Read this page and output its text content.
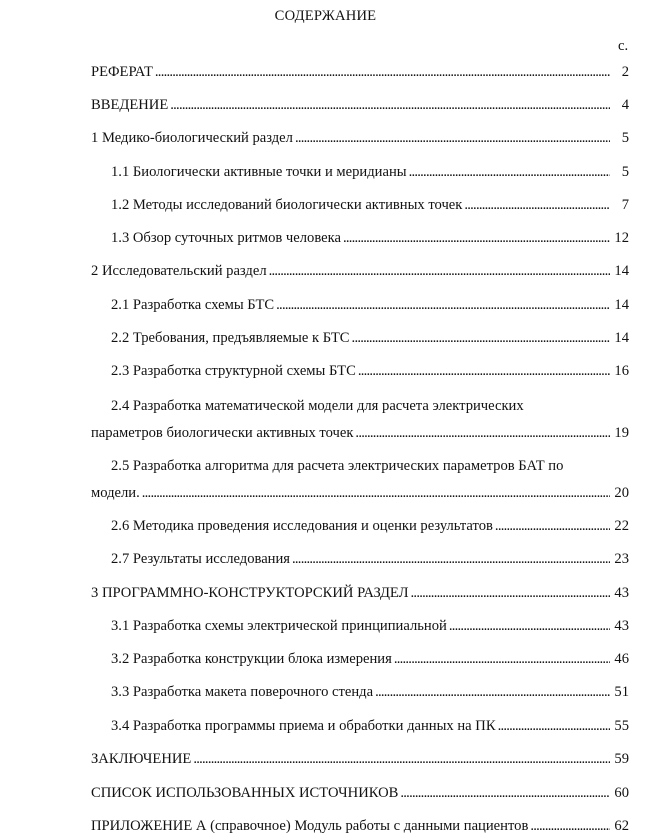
СОДЕРЖАНИЕ
с.
РЕФЕРАТ . . .	2
ВВЕДЕНИЕ . . .	4
1 Медико-биологический раздел . . .	5
1.1 Биологически активные точки и меридианы . . .	5
1.2 Методы исследований биологически активных точек . . .	7
1.3 Обзор суточных ритмов человека . . .	12
2 Исследовательский раздел . . .	14
2.1 Разработка схемы БТС . . .	14
2.2 Требования, предъявляемые к БТС . . .	14
2.3 Разработка структурной схемы БТС . . .	16
2.4 Разработка математической модели для расчета электрических
параметров биологически активных точек . . .	19
2.5 Разработка алгоритма для расчета электрических параметров БАТ по
модели. . . .	20
2.6 Методика проведения исследования и оценки результатов . . .	22
2.7 Результаты исследования . . .	23
3 ПРОГРАММНО-КОНСТРУКТОРСКИЙ РАЗДЕЛ . . .	43
3.1 Разработка схемы электрической принципиальной . . .	43
3.2 Разработка конструкции блока измерения . . .	46
3.3 Разработка макета поверочного стенда . . .	51
3.4 Разработка программы приема и обработки данных на ПК . . .	55
ЗАКЛЮЧЕНИЕ . . .	59
СПИСОК ИСПОЛЬЗОВАННЫХ ИСТОЧНИКОВ . . .	60
ПРИЛОЖЕНИЕ А (справочное) Модуль работы с данными пациентов . . .	62
